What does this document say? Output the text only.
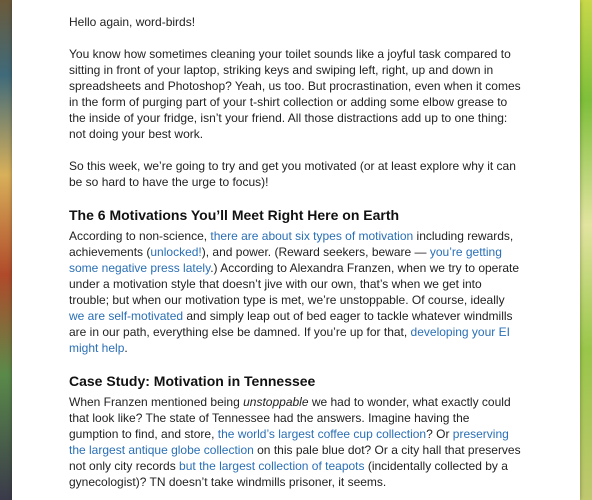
Hello again, word-birds!

You know how sometimes cleaning your toilet sounds like a joyful task compared to sitting in front of your laptop, striking keys and swiping left, right, up and down in spreadsheets and Photoshop? Yeah, us too. But procrastination, even when it comes in the form of purging part of your t-shirt collection or adding some elbow grease to the inside of your fridge, isn’t your friend. All those distractions add up to one thing: not doing your best work.

So this week, we’re going to try and get you motivated (or at least explore why it can be so hard to have the urge to focus)!

The 6 Motivations You’ll Meet Right Here on Earth

According to non-science, there are about six types of motivation including rewards, achievements (unlocked!), and power. (Reward seekers, beware — you’re getting some negative press lately.) According to Alexandra Franzen, when we try to operate under a motivation style that doesn’t jive with our own, that’s when we get into trouble; but when our motivation type is met, we’re unstoppable. Of course, ideally we are self-motivated and simply leap out of bed eager to tackle whatever windmills are in our path, everything else be damned. If you’re up for that, developing your EI might help.

Case Study: Motivation in Tennessee

When Franzen mentioned being unstoppable we had to wonder, what exactly could that look like? The state of Tennessee had the answers. Imagine having the gumption to find, and store, the world’s largest coffee cup collection? Or preserving the largest antique globe collection on this pale blue dot? Or a city hall that preserves not only city records but the largest collection of teapots (incidentally collected by a gynecologist)? TN doesn’t take windmills prisoner, it seems.
